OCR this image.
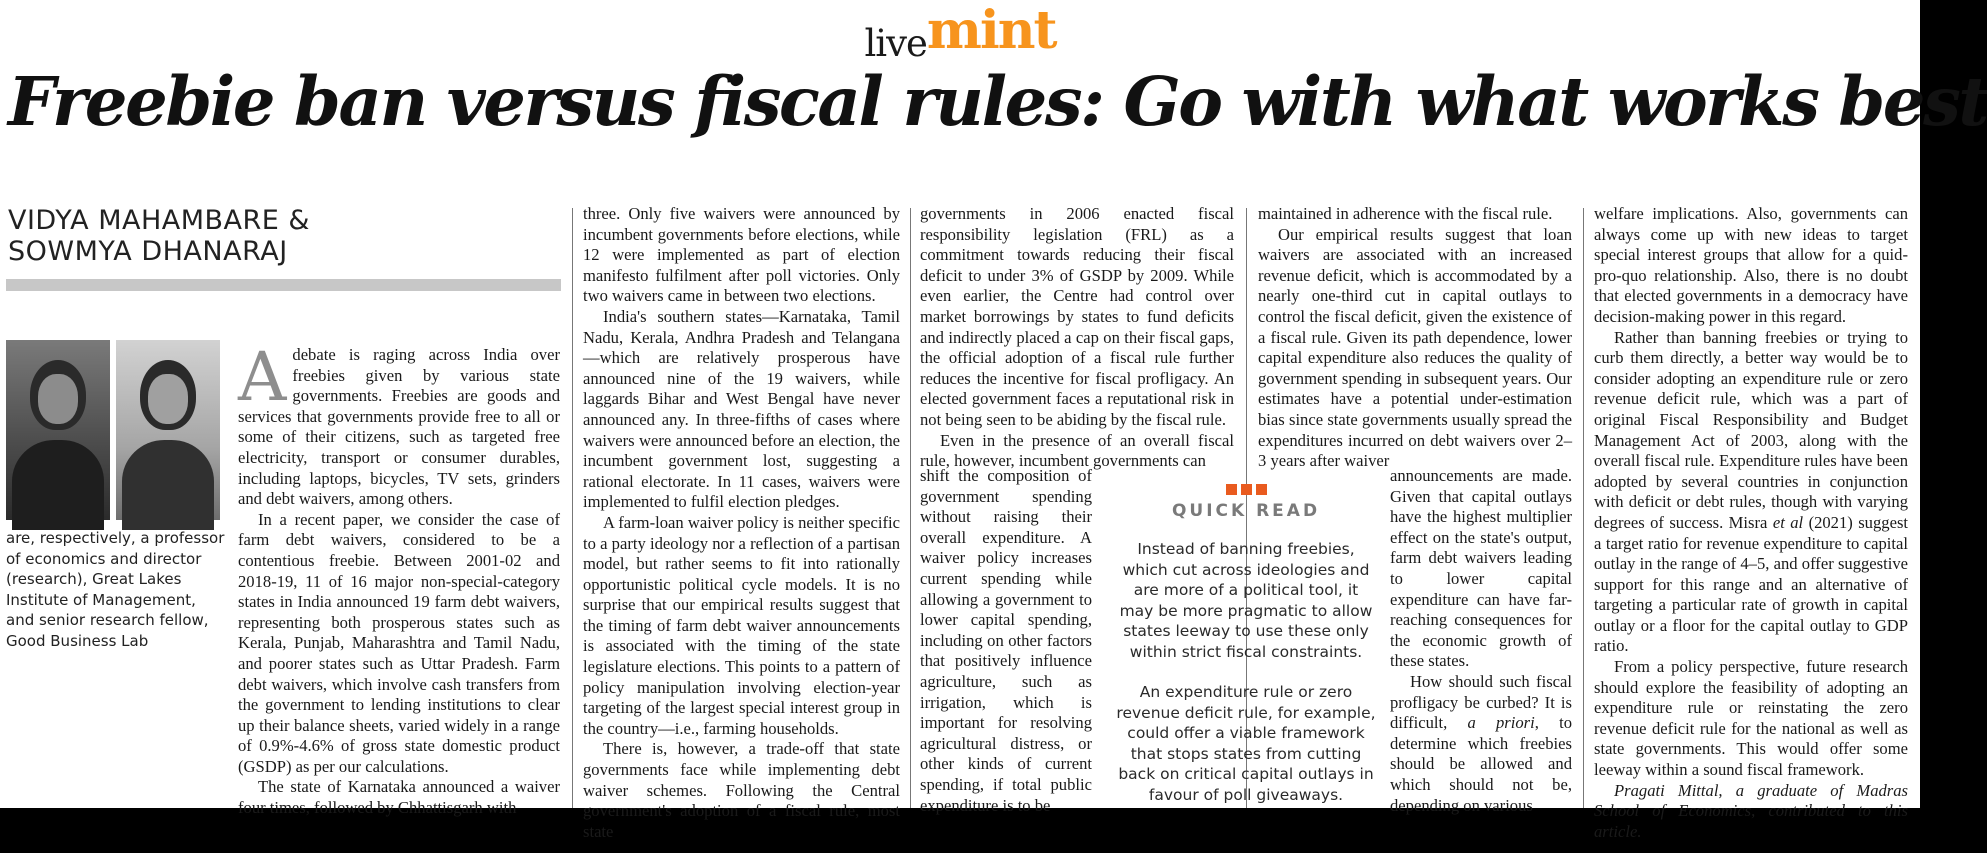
livemint
Freebie ban versus fiscal rules: Go with what works best
VIDYA MAHAMBARE &
SOWMYA DHANARAJ

are, respectively, a professor of economics and director (research), Great Lakes Institute of Management, and senior research fellow, Good Business Lab

Adebate is raging across India over freebies given by various state governments. Freebies are goods and services that governments provide free to all or some of their citizens, such as targeted free electricity, transport or consumer durables, including laptops, bicycles, TV sets, grinders and debt waivers, among others.

In a recent paper, we consider the case of farm debt waivers, considered to be a contentious freebie. Between 2001-02 and 2018-19, 11 of 16 major non-special-category states in India announced 19 farm debt waivers, representing both prosperous states such as Kerala, Punjab, Maharashtra and Tamil Nadu, and poorer states such as Uttar Pradesh. Farm debt waivers, which involve cash transfers from the government to lending institutions to clear up their balance sheets, varied widely in a range of 0.9%-4.6% of gross state domestic product (GSDP) as per our calculations.

The state of Karnataka announced a waiver four times, followed by Chhattisgarh with

three. Only five waivers were announced by incumbent governments before elections, while 12 were implemented as part of election manifesto fulfilment after poll victories. Only two waivers came in between two elections.

India's southern states—Karnataka, Tamil Nadu, Kerala, Andhra Pradesh and Telangana—which are relatively prosperous have announced nine of the 19 waivers, while laggards Bihar and West Bengal have never announced any. In three-fifths of cases where waivers were announced before an election, the incumbent government lost, suggesting a rational electorate. In 11 cases, waivers were implemented to fulfil election pledges.

A farm-loan waiver policy is neither specific to a party ideology nor a reflection of a partisan model, but rather seems to fit into rationally opportunistic political cycle models. It is no surprise that our empirical results suggest that the timing of farm debt waiver announcements is associated with the timing of the state legislature elections. This points to a pattern of policy manipulation involving election-year targeting of the largest special interest group in the country—i.e., farming households.

There is, however, a trade-off that state governments face while implementing debt waiver schemes. Following the Central government's adoption of a fiscal rule, most state

governments in 2006 enacted fiscal responsibility legislation (FRL) as a commitment towards reducing their fiscal deficit to under 3% of GSDP by 2009. While even earlier, the Centre had control over market borrowings by states to fund deficits and indirectly placed a cap on their fiscal gaps, the official adoption of a fiscal rule further reduces the incentive for fiscal profligacy. An elected government faces a reputational risk in not being seen to be abiding by the fiscal rule.

Even in the presence of an overall fiscal rule, however, incumbent governments can

shift the composition of government spending without raising their overall expenditure. A waiver policy increases current spending while allowing a government to lower capital spending, including on other factors that positively influence agriculture, such as irrigation, which is important for resolving agricultural distress, or other kinds of current spending, if total public expenditure is to be

QUICK READ

Instead of banning freebies, which cut across ideologies and are more of a political tool, it may be more pragmatic to allow states leeway to use these only within strict fiscal constraints.

An expenditure rule or zero revenue deficit rule, for example, could offer a viable framework that stops states from cutting back on critical capital outlays in favour of poll giveaways.

maintained in adherence with the fiscal rule.

Our empirical results suggest that loan waivers are associated with an increased revenue deficit, which is accommodated by a nearly one-third cut in capital outlays to control the fiscal deficit, given the existence of a fiscal rule. Given its path dependence, lower capital expenditure also reduces the quality of government spending in subsequent years. Our estimates have a potential under-estimation bias since state governments usually spread the expenditures incurred on debt waivers over 2–3 years after waiver

announcements are made. Given that capital outlays have the highest multiplier effect on the state's output, farm debt waivers leading to lower capital expenditure can have far-reaching consequences for the economic growth of these states.

How should such fiscal profligacy be curbed? It is difficult, a priori, to determine which freebies should be allowed and which should not be, depending on various

welfare implications. Also, governments can always come up with new ideas to target special interest groups that allow for a quid-pro-quo relationship. Also, there is no doubt that elected governments in a democracy have decision-making power in this regard.

Rather than banning freebies or trying to curb them directly, a better way would be to consider adopting an expenditure rule or zero revenue deficit rule, which was a part of original Fiscal Responsibility and Budget Management Act of 2003, along with the overall fiscal rule. Expenditure rules have been adopted by several countries in conjunction with deficit or debt rules, though with varying degrees of success. Misra et al (2021) suggest a target ratio for revenue expenditure to capital outlay in the range of 4–5, and offer suggestive support for this range and an alternative of targeting a particular rate of growth in capital outlay or a floor for the capital outlay to GDP ratio.

From a policy perspective, future research should explore the feasibility of adopting an expenditure rule or reinstating the zero revenue deficit rule for the national as well as state governments. This would offer some leeway within a sound fiscal framework.

Pragati Mittal, a graduate of Madras School of Economics, contributed to this article.
